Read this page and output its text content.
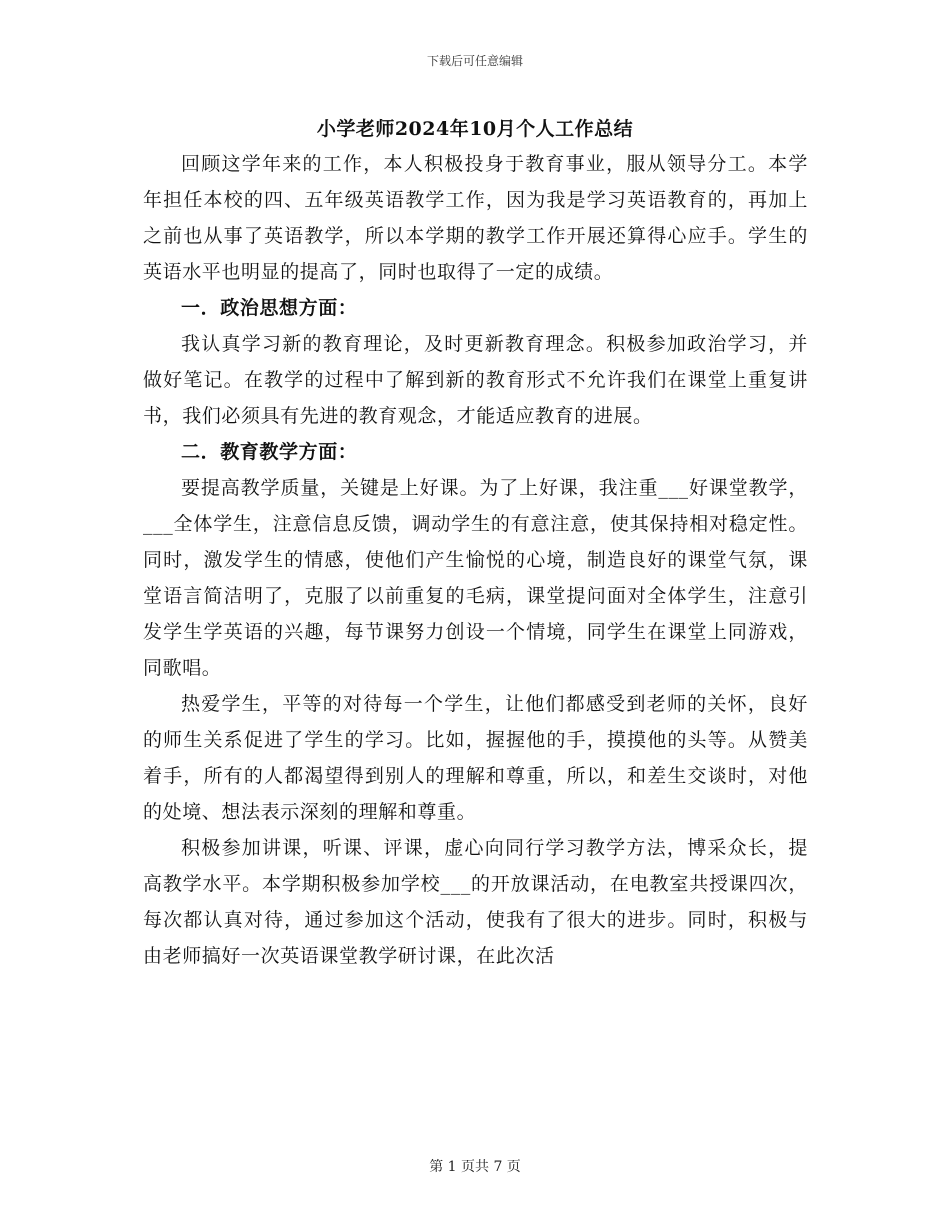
下载后可任意编辑
小学老师2024年10月个人工作总结

回顾这学年来的工作，本人积极投身于教育事业，服从领导分工。本学年担任本校的四、五年级英语教学工作，因为我是学习英语教育的，再加上之前也从事了英语教学，所以本学期的教学工作开展还算得心应手。学生的英语水平也明显的提高了，同时也取得了一定的成绩。

一．政治思想方面：

我认真学习新的教育理论，及时更新教育理念。积极参加政治学习，并做好笔记。在教学的过程中了解到新的教育形式不允许我们在课堂上重复讲书，我们必须具有先进的教育观念，才能适应教育的进展。

二．教育教学方面：

要提高教学质量，关键是上好课。为了上好课，我注重___好课堂教学，___全体学生，注意信息反馈，调动学生的有意注意，使其保持相对稳定性。同时，激发学生的情感，使他们产生愉悦的心境，制造良好的课堂气氛，课堂语言简洁明了，克服了以前重复的毛病，课堂提问面对全体学生，注意引发学生学英语的兴趣，每节课努力创设一个情境，同学生在课堂上同游戏，同歌唱。

热爱学生，平等的对待每一个学生，让他们都感受到老师的关怀，良好的师生关系促进了学生的学习。比如，握握他的手，摸摸他的头等。从赞美着手，所有的人都渴望得到别人的理解和尊重，所以，和差生交谈时，对他的处境、想法表示深刻的理解和尊重。

积极参加讲课，听课、评课，虚心向同行学习教学方法，博采众长，提高教学水平。本学期积极参加学校___的开放课活动，在电教室共授课四次，每次都认真对待，通过参加这个活动，使我有了很大的进步。同时，积极与由老师搞好一次英语课堂教学研讨课，在此次活

第 1 页共 7 页
